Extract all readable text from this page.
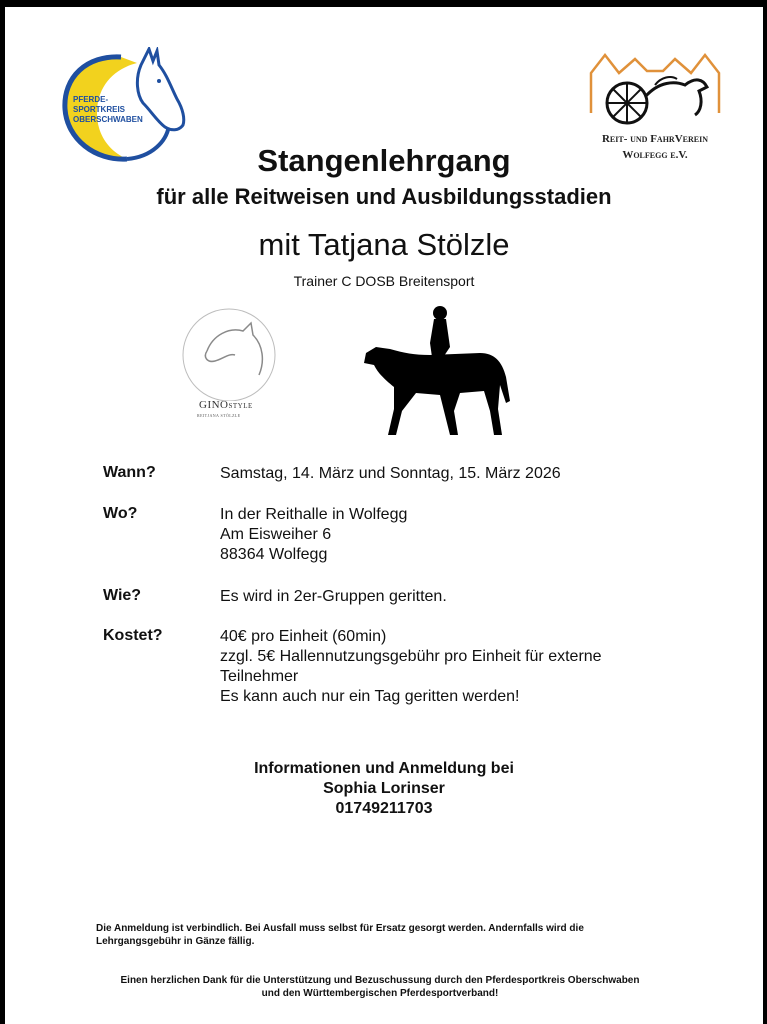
PFERDE-
SPORTKREIS
OBERSCHWABEN
Reit- und FahrVerein
Wolfegg e.V.
Stangenlehrgang
für alle Reitweisen und Ausbildungsstadien
mit Tatjana Stölzle
Trainer C DOSB Breitensport
GINOSTYLE
REITJANA STÖLZLE
Wann?	Samstag, 14. März und Sonntag, 15. März 2026
Wo?	In der Reithalle in Wolfegg
Am Eisweiher 6
88364 Wolfegg
Wie?	Es wird in 2er-Gruppen geritten.
Kostet?	40€ pro Einheit (60min)
zzgl. 5€ Hallennutzungsgebühr pro Einheit für externe
Teilnehmer
Es kann auch nur ein Tag geritten werden!
Informationen und Anmeldung bei
Sophia Lorinser
01749211703
Die Anmeldung ist verbindlich. Bei Ausfall muss selbst für Ersatz gesorgt werden. Andernfalls wird die Lehrgangsgebühr in Gänze fällig.
Einen herzlichen Dank für die Unterstützung und Bezuschussung durch den Pferdesportkreis Oberschwaben und den Württembergischen Pferdesportverband!
